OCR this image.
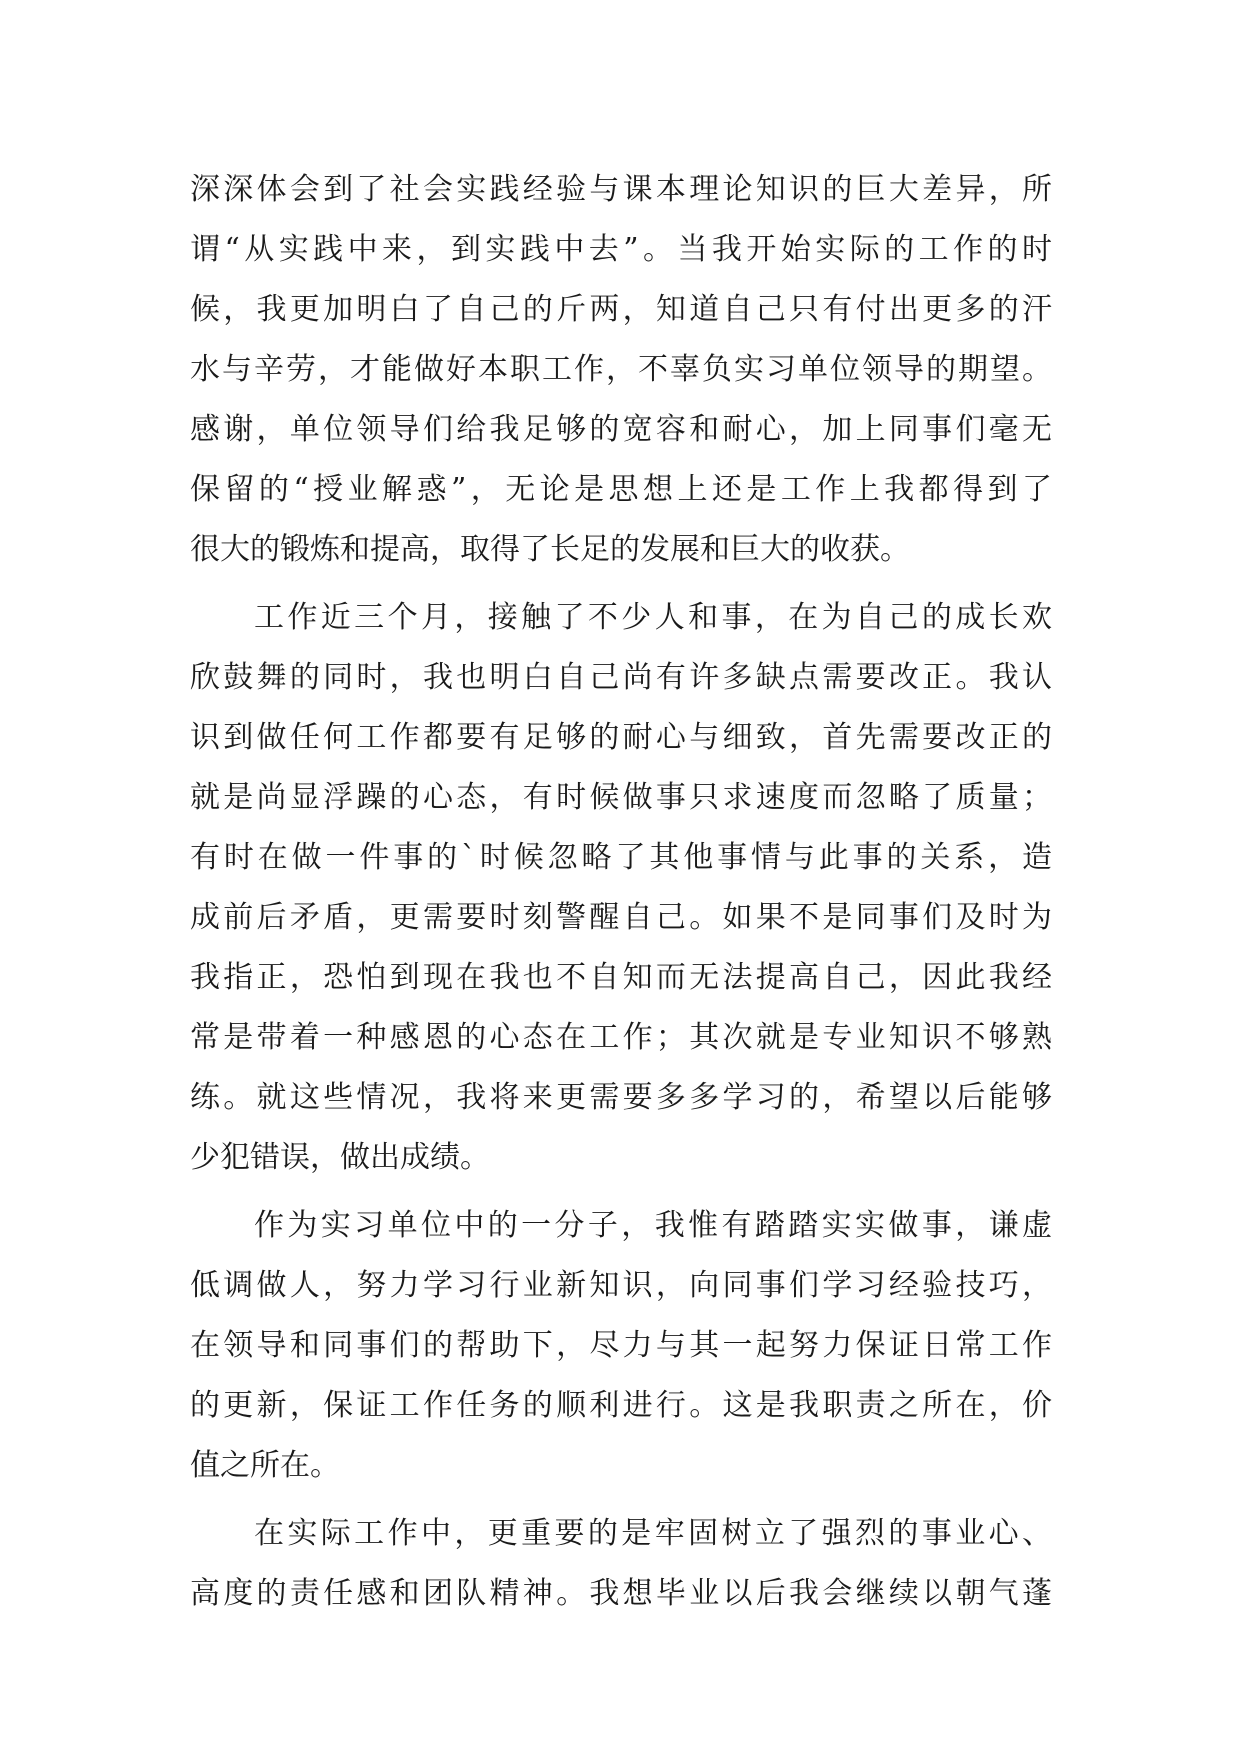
深深体会到了社会实践经验与课本理论知识的巨大差异，所
谓“从实践中来，到实践中去”。当我开始实际的工作的时
候，我更加明白了自己的斤两，知道自己只有付出更多的汗
水与辛劳，才能做好本职工作，不辜负实习单位领导的期望。
感谢，单位领导们给我足够的宽容和耐心，加上同事们毫无
保留的“授业解惑”，无论是思想上还是工作上我都得到了
很大的锻炼和提高，取得了长足的发展和巨大的收获。
工作近三个月，接触了不少人和事，在为自己的成长欢
欣鼓舞的同时，我也明白自己尚有许多缺点需要改正。我认
识到做任何工作都要有足够的耐心与细致，首先需要改正的
就是尚显浮躁的心态，有时候做事只求速度而忽略了质量；
有时在做一件事的`时候忽略了其他事情与此事的关系，造
成前后矛盾，更需要时刻警醒自己。如果不是同事们及时为
我指正，恐怕到现在我也不自知而无法提高自己，因此我经
常是带着一种感恩的心态在工作；其次就是专业知识不够熟
练。就这些情况，我将来更需要多多学习的，希望以后能够
少犯错误，做出成绩。
作为实习单位中的一分子，我惟有踏踏实实做事，谦虚
低调做人，努力学习行业新知识，向同事们学习经验技巧，
在领导和同事们的帮助下，尽力与其一起努力保证日常工作
的更新，保证工作任务的顺利进行。这是我职责之所在，价
值之所在。
在实际工作中，更重要的是牢固树立了强烈的事业心、
高度的责任感和团队精神。我想毕业以后我会继续以朝气蓬
